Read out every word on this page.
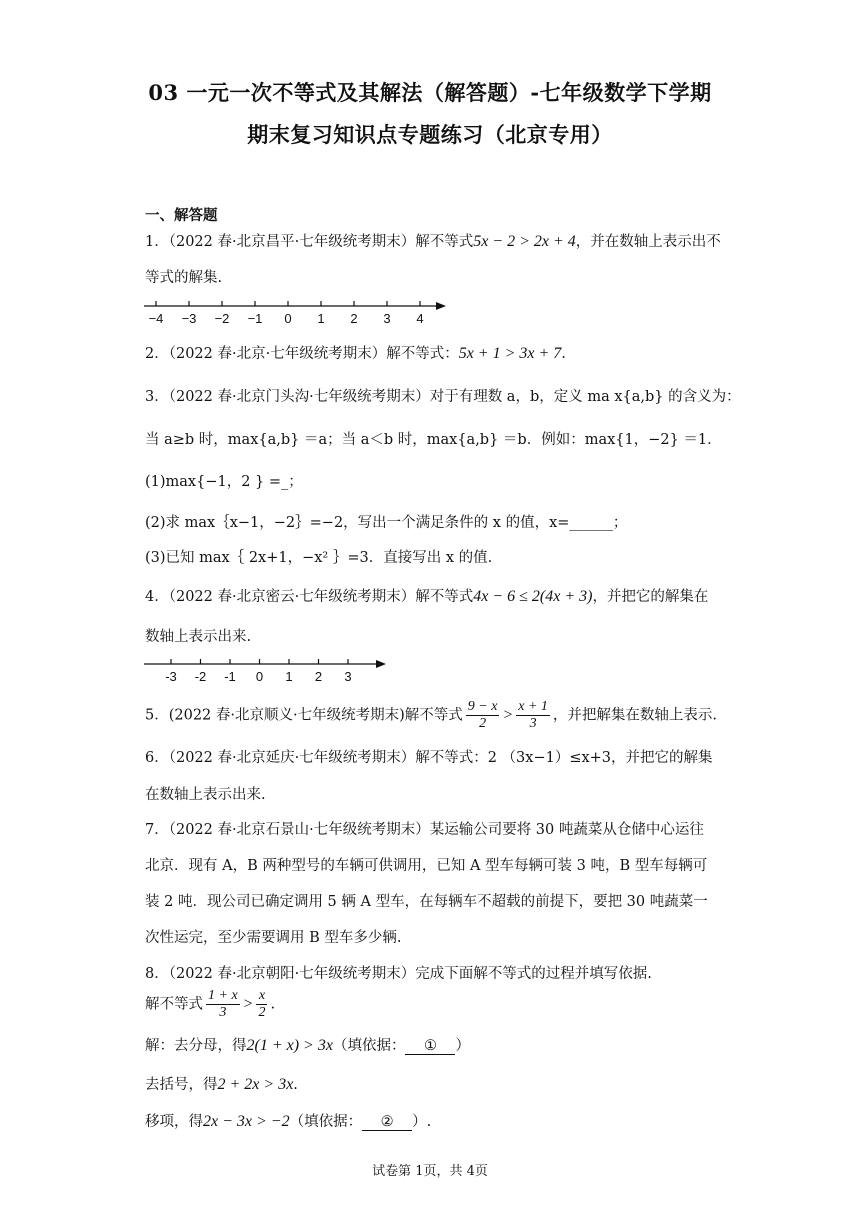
03 一元一次不等式及其解法（解答题）-七年级数学下学期
期末复习知识点专题练习（北京专用）
一、解答题
1．（2022 春·北京昌平·七年级统考期末）解不等式5x − 2 > 2x + 4，并在数轴上表示出不
等式的解集.
−4 −3 −2 −1 0 1 2 3 4
2．（2022 春·北京·七年级统考期末）解不等式：5x + 1 > 3x + 7.
3．（2022 春·北京门头沟·七年级统考期末）对于有理数 a，b，定义 ma x{a,b} 的含义为：
当 a≥b 时，max{a,b} ＝a；当 a＜b 时，max{a,b} ＝b．例如：max{1，−2} ＝1．
(1)max{−1，2 } =_；
(2)求 max｛x−1，−2｝=−2，写出一个满足条件的 x 的值，x=______；
(3)已知 max｛ 2x+1，−x² ｝=3．直接写出 x 的值.
4．（2022 春·北京密云·七年级统考期末）解不等式4x − 6 ≤ 2(4x + 3)，并把它的解集在
数轴上表示出来.
-3 -2 -1 0 1 2 3
5．(2022 春·北京顺义·七年级统考期末)解不等式 $\frac{9 - x}{2} > \frac{x + 1}{3}$ ，并把解集在数轴上表示.
6．（2022 春·北京延庆·七年级统考期末）解不等式：2 （3x−1）≤x+3，并把它的解集
在数轴上表示出来.
7．（2022 春·北京石景山·七年级统考期末）某运输公司要将 30 吨蔬菜从仓储中心运往
北京．现有 A，B 两种型号的车辆可供调用，已知 A 型车每辆可装 3 吨，B 型车每辆可
装 2 吨．现公司已确定调用 5 辆 A 型车，在每辆车不超载的前提下，要把 30 吨蔬菜一
次性运完，至少需要调用 B 型车多少辆.
8．（2022 春·北京朝阳·七年级统考期末）完成下面解不等式的过程并填写依据.
解不等式 $\frac{1 + x}{3} > \frac{x}{2}$ .
解：去分母，得2(1 + x) > 3x（填依据： ① ）
去括号，得2 + 2x > 3x.
移项，得2x − 3x > −2（填依据： ② ）.
试卷第 1页，共 4页
